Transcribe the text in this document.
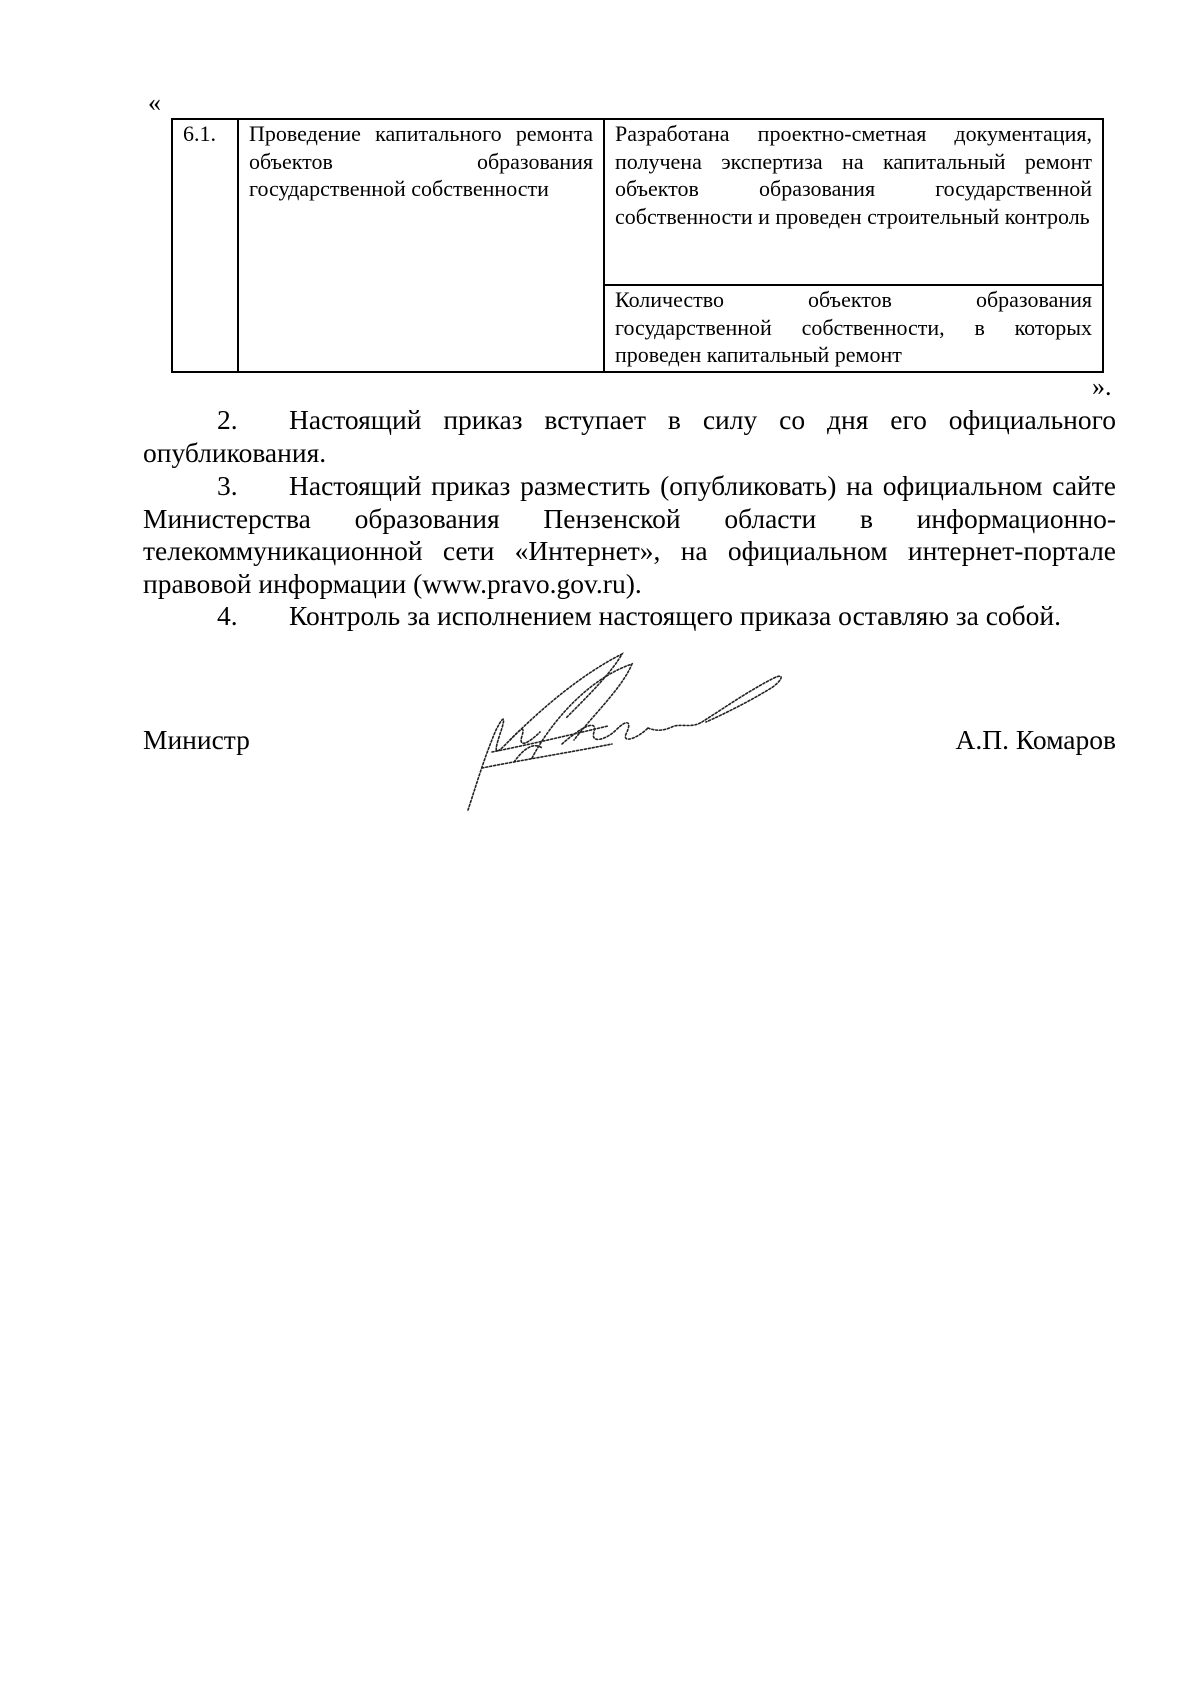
«
6.1.	Проведение капитального ремонта объектов образования государственной собственности	Разработана проектно-сметная документация, получена экспертиза на капитальный ремонт объектов образования государственной собственности и проведен строительный контроль
Количество объектов образования государственной собственности, в которых проведен капитальный ремонт
».
2. Настоящий приказ вступает в силу со дня его официального опубликования.
3. Настоящий приказ разместить (опубликовать) на официальном сайте Министерства образования Пензенской области в информационно-телекоммуникационной сети «Интернет», на официальном интернет-портале правовой информации (www.pravo.gov.ru).
4. Контроль за исполнением настоящего приказа оставляю за собой.
Министр	А.П. Комаров
